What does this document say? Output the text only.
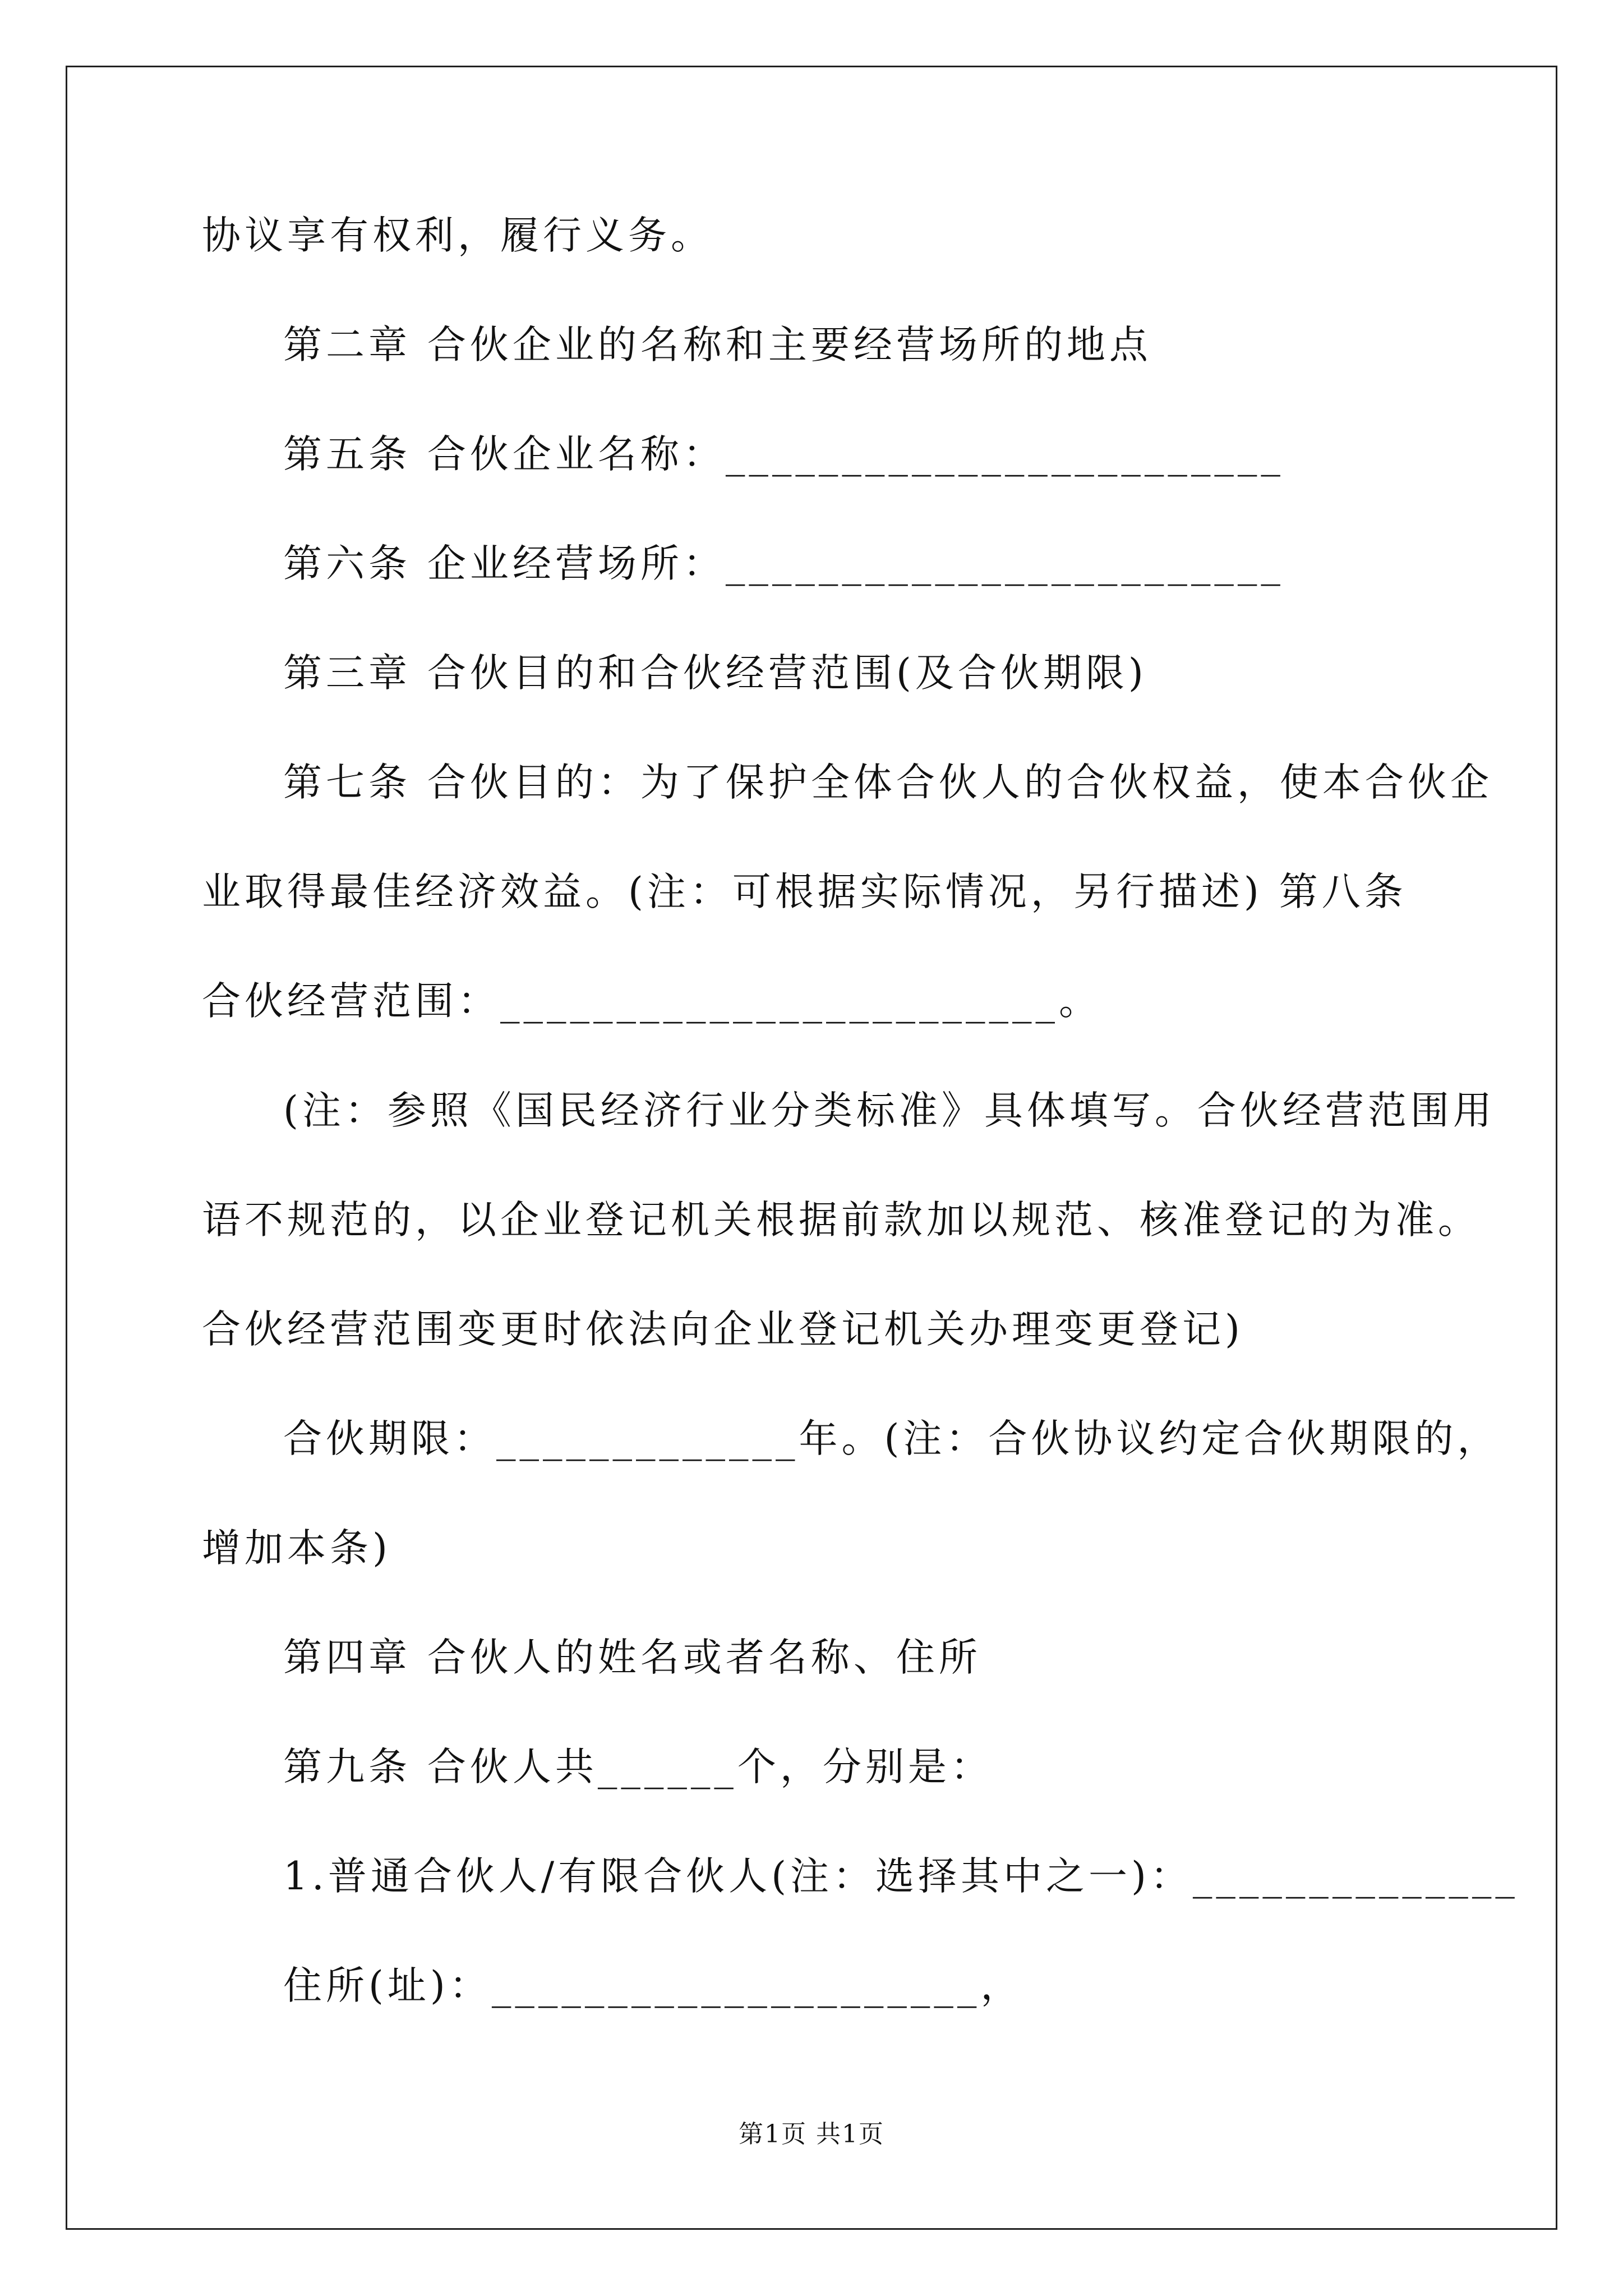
协议享有权利，履行义务。
第二章 合伙企业的名称和主要经营场所的地点
第五条 合伙企业名称：________________________
第六条 企业经营场所：________________________
第三章 合伙目的和合伙经营范围(及合伙期限)
第七条 合伙目的：为了保护全体合伙人的合伙权益，使本合伙企
业取得最佳经济效益。(注：可根据实际情况，另行描述) 第八条
合伙经营范围：________________________。
(注：参照《国民经济行业分类标准》具体填写。合伙经营范围用
语不规范的，以企业登记机关根据前款加以规范、核准登记的为准。
合伙经营范围变更时依法向企业登记机关办理变更登记)
合伙期限：_____________年。(注：合伙协议约定合伙期限的，
增加本条)
第四章 合伙人的姓名或者名称、住所
第九条 合伙人共______个，分别是：
1.普通合伙人/有限合伙人(注：选择其中之一)：______________
住所(址)：_____________________，
第1页 共1页
